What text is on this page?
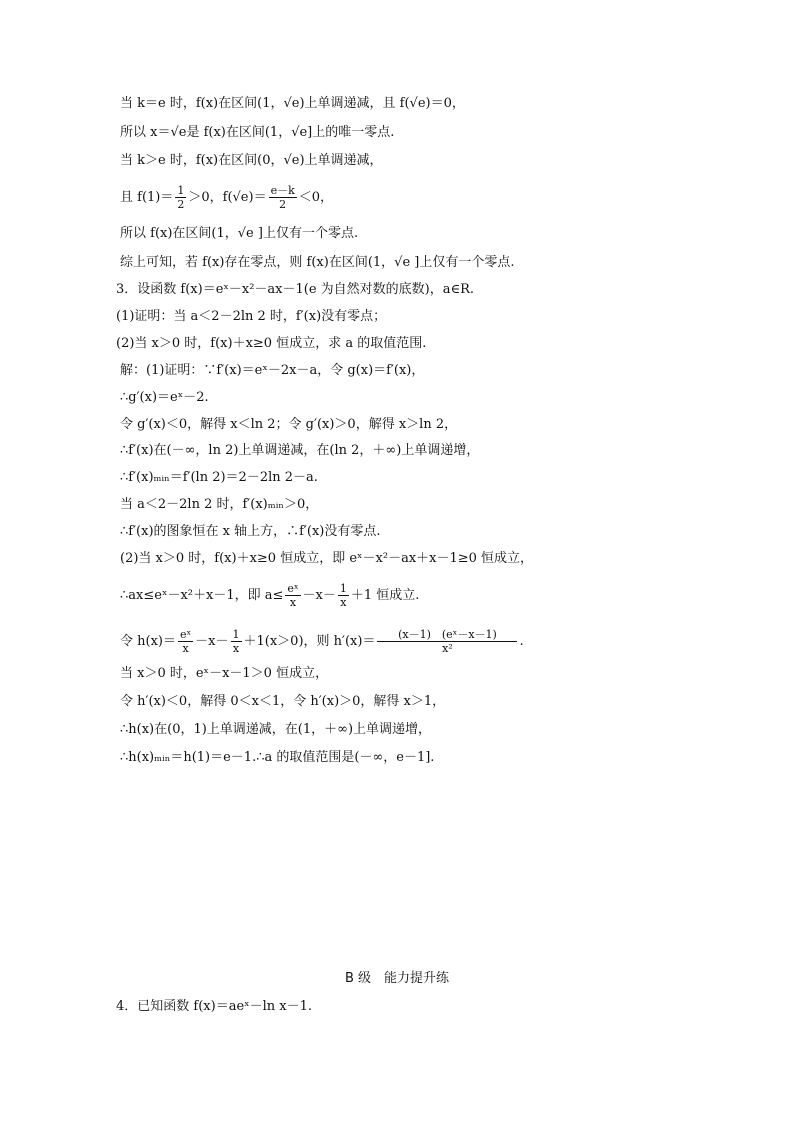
当 k＝e 时，f(x)在区间(1，√e)上单调递减，且 f(√e)＝0，
所以 x＝√e是 f(x)在区间(1，√e]上的唯一零点.
当 k＞e 时，f(x)在区间(0，√e)上单调递减，
且 $f(1)= \frac{1}{2} >0$，$f(√e)= \frac{e-k}{2} <0$，
所以 f(x)在区间(1，√e ]上仅有一个零点.
综上可知，若 f(x)存在零点，则 f(x)在区间(1，√e ]上仅有一个零点.
3．设函数 f(x)＝eˣ－x²－ax－1(e 为自然对数的底数)，a∈R.
(1)证明：当 a＜2－2ln 2 时，f′(x)没有零点；
(2)当 x＞0 时，f(x)＋x≥0 恒成立，求 a 的取值范围.
解：(1)证明：∵f′(x)＝eˣ－2x－a，令 g(x)＝f′(x)，
∴g′(x)＝eˣ－2.
令 g′(x)＜0，解得 x＜ln 2；令 g′(x)＞0，解得 x＞ln 2，
∴f′(x)在(－∞，ln 2)上单调递减，在(ln 2，＋∞)上单调递增，
∴f′(x)ₘᵢₙ＝f′(ln 2)＝2－2ln 2－a.
当 a＜2－2ln 2 时，f′(x)ₘᵢₙ＞0，
∴f′(x)的图象恒在 x 轴上方，∴f′(x)没有零点.
(2)当 x＞0 时，f(x)＋x≥0 恒成立，即 eˣ－x²－ax＋x－1≥0 恒成立，
∴ax≤eˣ－x²＋x－1，即 $a\le \frac{\text{eˣ}}{x} -x- \frac{1}{x} +1$ 恒成立.
令 $h(x)= \frac{\text{eˣ}}{x} -x- \frac{1}{x} +1(x>0)$，则 $h'(x)= \frac{\text{(x－1)　(eˣ－x－1)}}{\text{x²}}$ .
当 x＞0 时，eˣ－x－1＞0 恒成立，
令 h′(x)＜0，解得 0＜x＜1，令 h′(x)＞0，解得 x＞1，
∴h(x)在(0，1)上单调递减，在(1，＋∞)上单调递增，
∴h(x)ₘᵢₙ＝h(1)＝e－1.∴a 的取值范围是(－∞，e－1].
B 级　能力提升练
4．已知函数 f(x)＝aeˣ－ln x－1.
